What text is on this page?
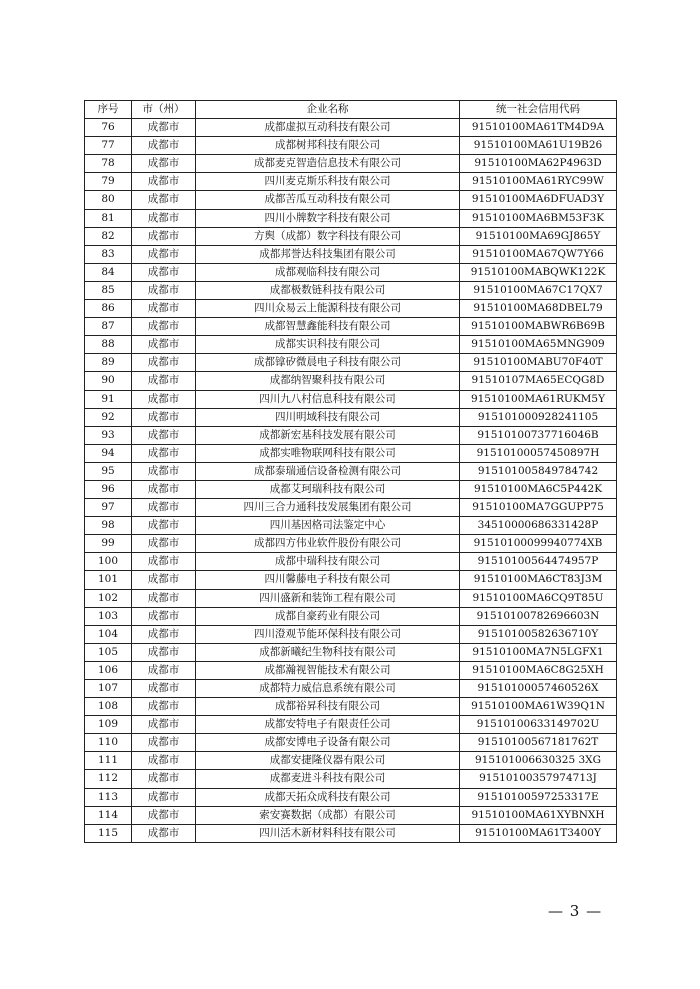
序号	市（州）	企业名称	统一社会信用代码
76	成都市	成都虚拟互动科技有限公司	91510100MA61TM4D9A
77	成都市	成都树邦科技有限公司	91510100MA61U19B26
78	成都市	成都麦克智造信息技术有限公司	91510100MA62P4963D
79	成都市	四川麦克斯乐科技有限公司	91510100MA61RYC99W
80	成都市	成都苦瓜互动科技有限公司	91510100MA6DFUAD3Y
81	成都市	四川小牌数字科技有限公司	91510100MA6BM53F3K
82	成都市	方舆（成都）数字科技有限公司	91510100MA69GJ865Y
83	成都市	成都邦誉达科技集团有限公司	91510100MA67QW7Y66
84	成都市	成都观临科技有限公司	91510100MABQWK122K
85	成都市	成都极数链科技有限公司	91510100MA67C17QX7
86	成都市	四川众易云上能源科技有限公司	91510100MA68DBEL79
87	成都市	成都智慧鑫能科技有限公司	91510100MABWR6B69B
88	成都市	成都实识科技有限公司	91510100MA65MNG909
89	成都市	成都镎矽微晨电子科技有限公司	91510100MABU70F40T
90	成都市	成都纳智聚科技有限公司	91510107MA65ECQG8D
91	成都市	四川九八村信息科技有限公司	91510100MA61RUKM5Y
92	成都市	四川明域科技有限公司	915101000928241105
93	成都市	成都新宏基科技发展有限公司	91510100737716046B
94	成都市	成都实唯物联网科技有限公司	91510100057450897H
95	成都市	成都泰瑞通信设备检测有限公司	915101005849784742
96	成都市	成都艾珂瑞科技有限公司	91510100MA6C5P442K
97	成都市	四川三合力通科技发展集团有限公司	91510100MA7GGUPP75
98	成都市	四川基因格司法鉴定中心	34510000686331428P
99	成都市	成都四方伟业软件股份有限公司	91510100099940774XB
100	成都市	成都中瑞科技有限公司	91510100564474957P
101	成都市	四川馨藤电子科技有限公司	91510100MA6CT83J3M
102	成都市	四川盛新和装饰工程有限公司	91510100MA6CQ9T85U
103	成都市	成都自豪药业有限公司	91510100782696603N
104	成都市	四川澄观节能环保科技有限公司	91510100582636710Y
105	成都市	成都新曦纪生物科技有限公司	91510100MA7N5LGFX1
106	成都市	成都瀚视智能技术有限公司	91510100MA6C8G25XH
107	成都市	成都特力威信息系统有限公司	91510100057460526X
108	成都市	成都裕昇科技有限公司	91510100MA61W39Q1N
109	成都市	成都安特电子有限责任公司	91510100633149702U
110	成都市	成都安博电子设备有限公司	91510100567181762T
111	成都市	成都安捷隆仪器有限公司	915101006630325 3XG
112	成都市	成都麦进斗科技有限公司	91510100357974713J
113	成都市	成都天拓众成科技有限公司	91510100597253317E
114	成都市	索安赛数据（成都）有限公司	91510100MA61XYBNXH
115	成都市	四川活木新材料科技有限公司	91510100MA61T3400Y
— 3 —
